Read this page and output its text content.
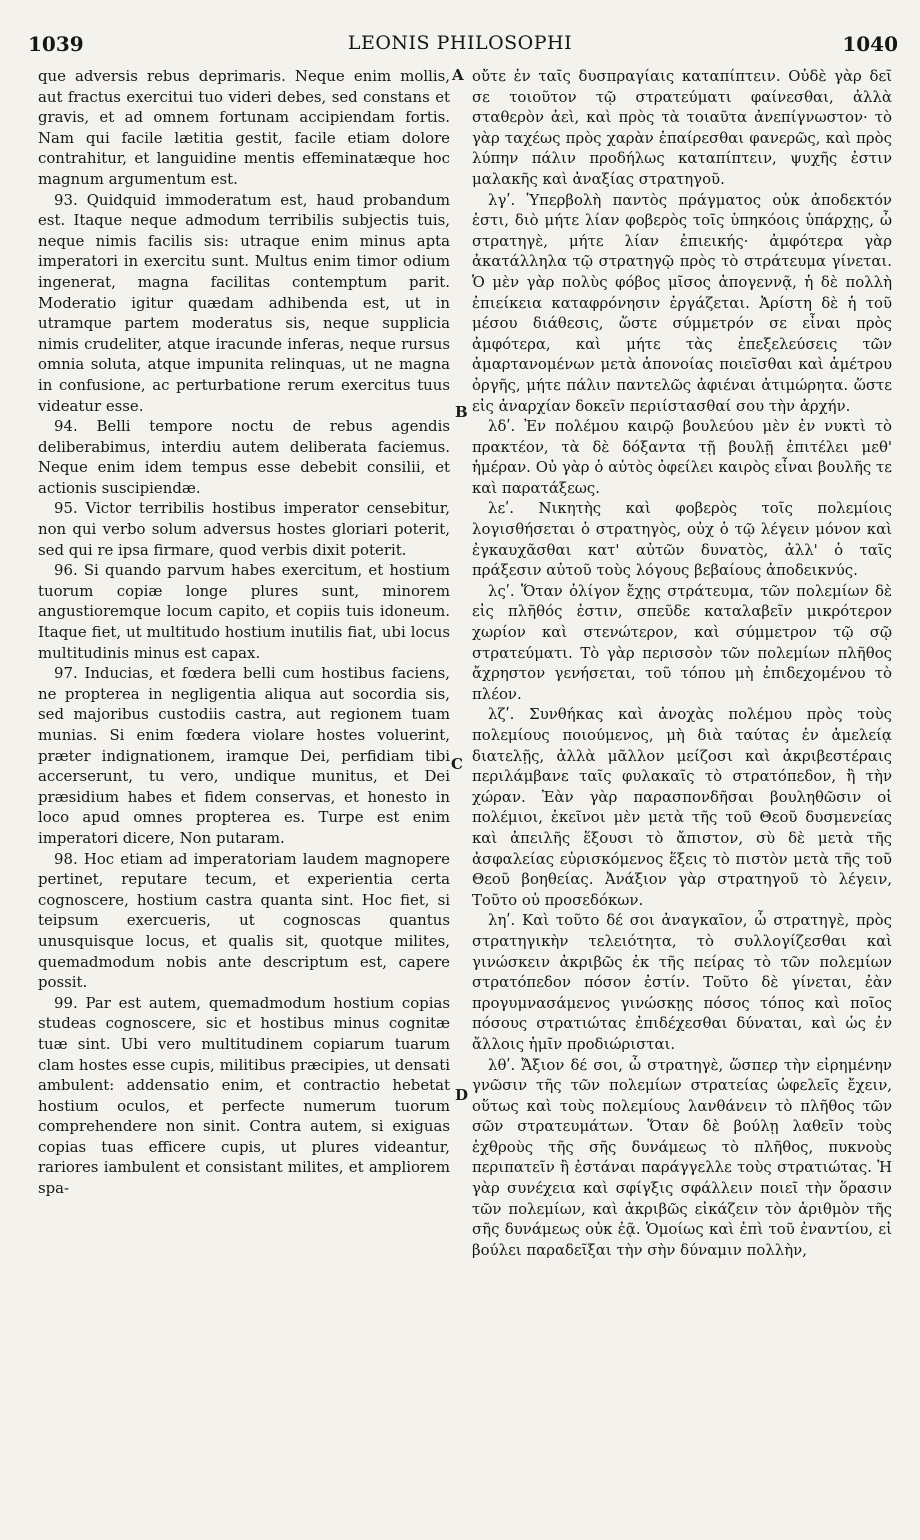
1039	LEONIS PHILOSOPHI	1040

que adversis rebus deprimaris. Neque enim mollis, aut fractus exercitui tuo videri debes, sed constans et gravis, et ad omnem fortunam accipiendam fortis. Nam qui facile lætitia gestit, facile etiam dolore contrahitur, et languidine mentis effeminatæque hoc magnum argumentum est.

93. Quidquid immoderatum est, haud probandum est. Itaque neque admodum terribilis subjectis tuis, neque nimis facilis sis: utraque enim minus apta imperatori in exercitu sunt. Multus enim timor odium ingenerat, magna facilitas contemptum parit. Moderatio igitur quædam adhibenda est, ut in utramque partem moderatus sis, neque supplicia nimis crudeliter, atque iracunde inferas, neque rursus omnia soluta, atque impunita relinquas, ut ne magna in confusione, ac perturbatione rerum exercitus tuus videatur esse.

94. Belli tempore noctu de rebus agendis deliberabimus, interdiu autem deliberata faciemus. Neque enim idem tempus esse debebit consilii, et actionis suscipiendæ.

95. Victor terribilis hostibus imperator censebitur, non qui verbo solum adversus hostes gloriari poterit, sed qui re ipsa firmare, quod verbis dixit poterit.

96. Si quando parvum habes exercitum, et hostium tuorum copiæ longe plures sunt, minorem angustioremque locum capito, et copiis tuis idoneum. Itaque fiet, ut multitudo hostium inutilis fiat, ubi locus multitudinis minus est capax.

97. Inducias, et fœdera belli cum hostibus faciens, ne propterea in negligentia aliqua aut socordia sis, sed majoribus custodiis castra, aut regionem tuam munias. Si enim fœdera violare hostes voluerint, præter indignationem, iramque Dei, perfidiam tibi accerserunt, tu vero, undique munitus, et Dei præsidium habes et fidem conservas, et honesto in loco apud omnes propterea es. Turpe est enim imperatori dicere, Non putaram.

98. Hoc etiam ad imperatoriam laudem magnopere pertinet, reputare tecum, et experientia certa cognoscere, hostium castra quanta sint. Hoc fiet, si teipsum exercueris, ut cognoscas quantus unusquisque locus, et qualis sit, quotque milites, quemadmodum nobis ante descriptum est, capere possit.

99. Par est autem, quemadmodum hostium copias studeas cognoscere, sic et hostibus minus cognitæ tuæ sint. Ubi vero multitudinem copiarum tuarum clam hostes esse cupis, militibus præcipies, ut densati ambulent: addensatio enim, et contractio hebetat hostium oculos, et perfecte numerum tuorum comprehendere non sinit. Contra autem, si exiguas copias tuas efficere cupis, ut plures videantur, rariores iambulent et consistant milites, et ampliorem spa-

A
B
C
D

οὔτε ἐν ταῖς δυσπραγίαις καταπίπτειν. Οὐδὲ γὰρ δεῖ σε τοιοῦτον τῷ στρατεύματι φαίνεσθαι, ἀλλὰ σταθερὸν ἀεὶ, καὶ πρὸς τὰ τοιαῦτα ἀνεπίγνωστον· τὸ γὰρ ταχέως πρὸς χαρὰν ἐπαίρεσθαι φανερῶς, καὶ πρὸς λύπην πάλιν προδήλως καταπίπτειν, ψυχῆς ἐστιν μαλακῆς καὶ ἀναξίας στρατηγοῦ.

λγʹ. Ὑπερβολὴ παντὸς πράγματος οὐκ ἀποδεκτόν ἐστι, διὸ μήτε λίαν φοβερὸς τοῖς ὑπηκόοις ὑπάρχῃς, ὦ στρατηγὲ, μήτε λίαν ἐπιεικής· ἀμφότερα γὰρ ἀκατάλληλα τῷ στρατηγῷ πρὸς τὸ στράτευμα γίνεται. Ὁ μὲν γὰρ πολὺς φόβος μῖσος ἀπογεννᾷ, ἡ δὲ πολλὴ ἐπιείκεια καταφρόνησιν ἐργάζεται. Ἀρίστη δὲ ἡ τοῦ μέσου διάθεσις, ὥστε σύμμετρόν σε εἶναι πρὸς ἀμφότερα, καὶ μήτε τὰς ἐπεξελεύσεις τῶν ἁμαρτανομένων μετὰ ἀπονοίας ποιεῖσθαι καὶ ἀμέτρου ὀργῆς, μήτε πάλιν παντελῶς ἀφιέναι ἀτιμώρητα. ὥστε εἰς ἀναρχίαν δοκεῖν περιίστασθαί σου τὴν ἀρχήν.

λδʹ. Ἐν πολέμου καιρῷ βουλεύου μὲν ἐν νυκτὶ τὸ πρακτέον, τὰ δὲ δόξαντα τῇ βουλῇ ἐπιτέλει μεθ' ἡμέραν. Οὐ γὰρ ὁ αὐτὸς ὀφείλει καιρὸς εἶναι βουλῆς τε καὶ παρατάξεως.

λεʹ. Νικητὴς καὶ φοβερὸς τοῖς πολεμίοις λογισθήσεται ὁ στρατηγὸς, οὐχ ὁ τῷ λέγειν μόνον καὶ ἐγκαυχᾶσθαι κατ' αὐτῶν δυνατὸς, ἀλλ' ὁ ταῖς πράξεσιν αὐτοῦ τοὺς λόγους βεβαίους ἀποδεικνύς.

λςʹ. Ὅταν ὀλίγον ἔχῃς στράτευμα, τῶν πολεμίων δὲ εἰς πλῆθός ἐστιν, σπεῦδε καταλαβεῖν μικρότερον χωρίον καὶ στενώτερον, καὶ σύμμετρον τῷ σῷ στρατεύματι. Τὸ γὰρ περισσὸν τῶν πολεμίων πλῆθος ἄχρηστον γενήσεται, τοῦ τόπου μὴ ἐπιδεχομένου τὸ πλέον.

λζʹ. Συνθήκας καὶ ἀνοχὰς πολέμου πρὸς τοὺς πολεμίους ποιούμενος, μὴ διὰ ταύτας ἐν ἀμελείᾳ διατελῇς, ἀλλὰ μᾶλλον μείζοσι καὶ ἀκριβεστέραις περιλάμβανε ταῖς φυλακαῖς τὸ στρατόπεδον, ἢ τὴν χώραν. Ἐὰν γὰρ παρασπονδῆσαι βουληθῶσιν οἱ πολέμιοι, ἐκεῖνοι μὲν μετὰ τῆς τοῦ Θεοῦ δυσμενείας καὶ ἀπειλῆς ἕξουσι τὸ ἄπιστον, σὺ δὲ μετὰ τῆς ἀσφαλείας εὑρισκόμενος ἕξεις τὸ πιστὸν μετὰ τῆς τοῦ Θεοῦ βοηθείας. Ἀνάξιον γὰρ στρατηγοῦ τὸ λέγειν, Τοῦτο οὐ προσεδόκων.

ληʹ. Καὶ τοῦτο δέ σοι ἀναγκαῖον, ὦ στρατηγὲ, πρὸς στρατηγικὴν τελειότητα, τὸ συλλογίζεσθαι καὶ γινώσκειν ἀκριβῶς ἐκ τῆς πείρας τὸ τῶν πολεμίων στρατόπεδον πόσον ἐστίν. Τοῦτο δὲ γίνεται, ἐὰν προγυμνασάμενος γινώσκῃς πόσος τόπος καὶ ποῖος πόσους στρατιώτας ἐπιδέχεσθαι δύναται, καὶ ὡς ἐν ἄλλοις ἡμῖν προδιώρισται.

λθʹ. Ἄξιον δέ σοι, ὦ στρατηγὲ, ὥσπερ τὴν εἰρημένην γνῶσιν τῆς τῶν πολεμίων στρατείας ὠφελεῖς ἔχειν, οὕτως καὶ τοὺς πολεμίους λανθάνειν τὸ πλῆθος τῶν σῶν στρατευμάτων. Ὅταν δὲ βούλῃ λαθεῖν τοὺς ἐχθροὺς τῆς σῆς δυνάμεως τὸ πλῆθος, πυκνοὺς περιπατεῖν ἢ ἑστάναι παράγγελλε τοὺς στρατιώτας. Ἡ γὰρ συνέχεια καὶ σφίγξις σφάλλειν ποιεῖ τὴν ὅρασιν τῶν πολεμίων, καὶ ἀκριβῶς εἰκάζειν τὸν ἀριθμὸν τῆς σῆς δυνάμεως οὐκ ἐᾷ. Ὁμοίως καὶ ἐπὶ τοῦ ἐναντίου, εἰ βούλει παραδεῖξαι τὴν σὴν δύναμιν πολλὴν,
